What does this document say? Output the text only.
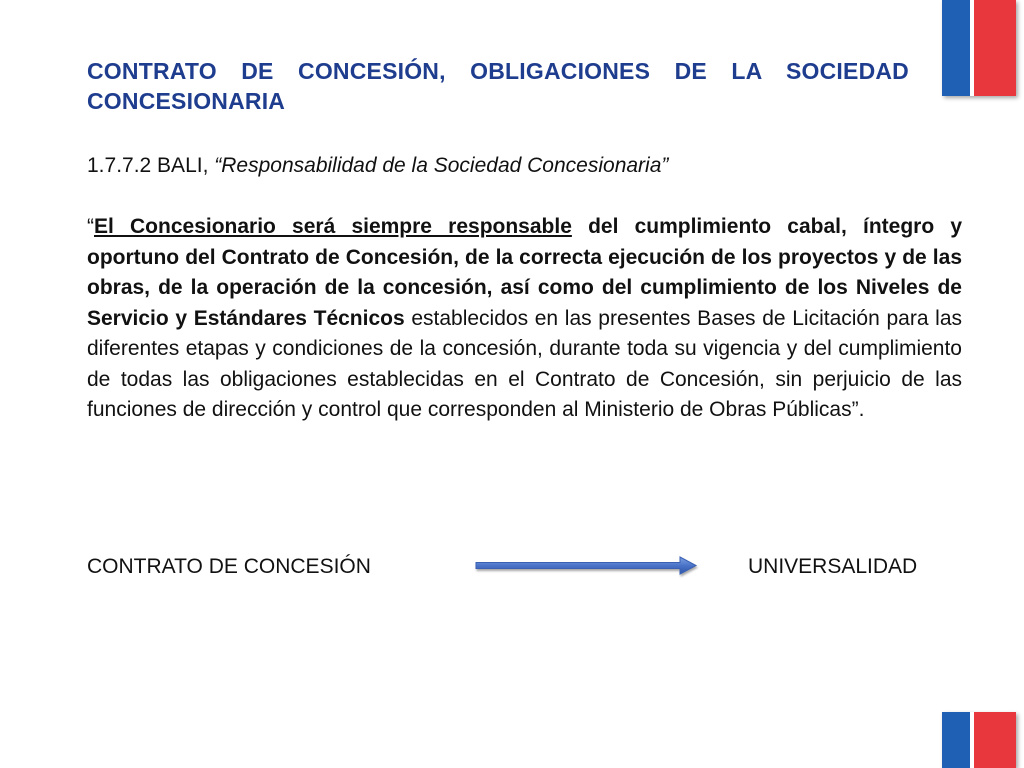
CONTRATO DE CONCESIÓN, OBLIGACIONES DE LA SOCIEDAD CONCESIONARIA

1.7.7.2 BALI, “Responsabilidad de la Sociedad Concesionaria”

“El Concesionario será siempre responsable del cumplimiento cabal, íntegro y oportuno del Contrato de Concesión, de la correcta ejecución de los proyectos y de las obras, de la operación de la concesión, así como del cumplimiento de los Niveles de Servicio y Estándares Técnicos establecidos en las presentes Bases de Licitación para las diferentes etapas y condiciones de la concesión, durante toda su vigencia y del cumplimiento de todas las obligaciones establecidas en el Contrato de Concesión, sin perjuicio de las funciones de dirección y control que corresponden al Ministerio de Obras Públicas”.

CONTRATO DE CONCESIÓN	UNIVERSALIDAD
